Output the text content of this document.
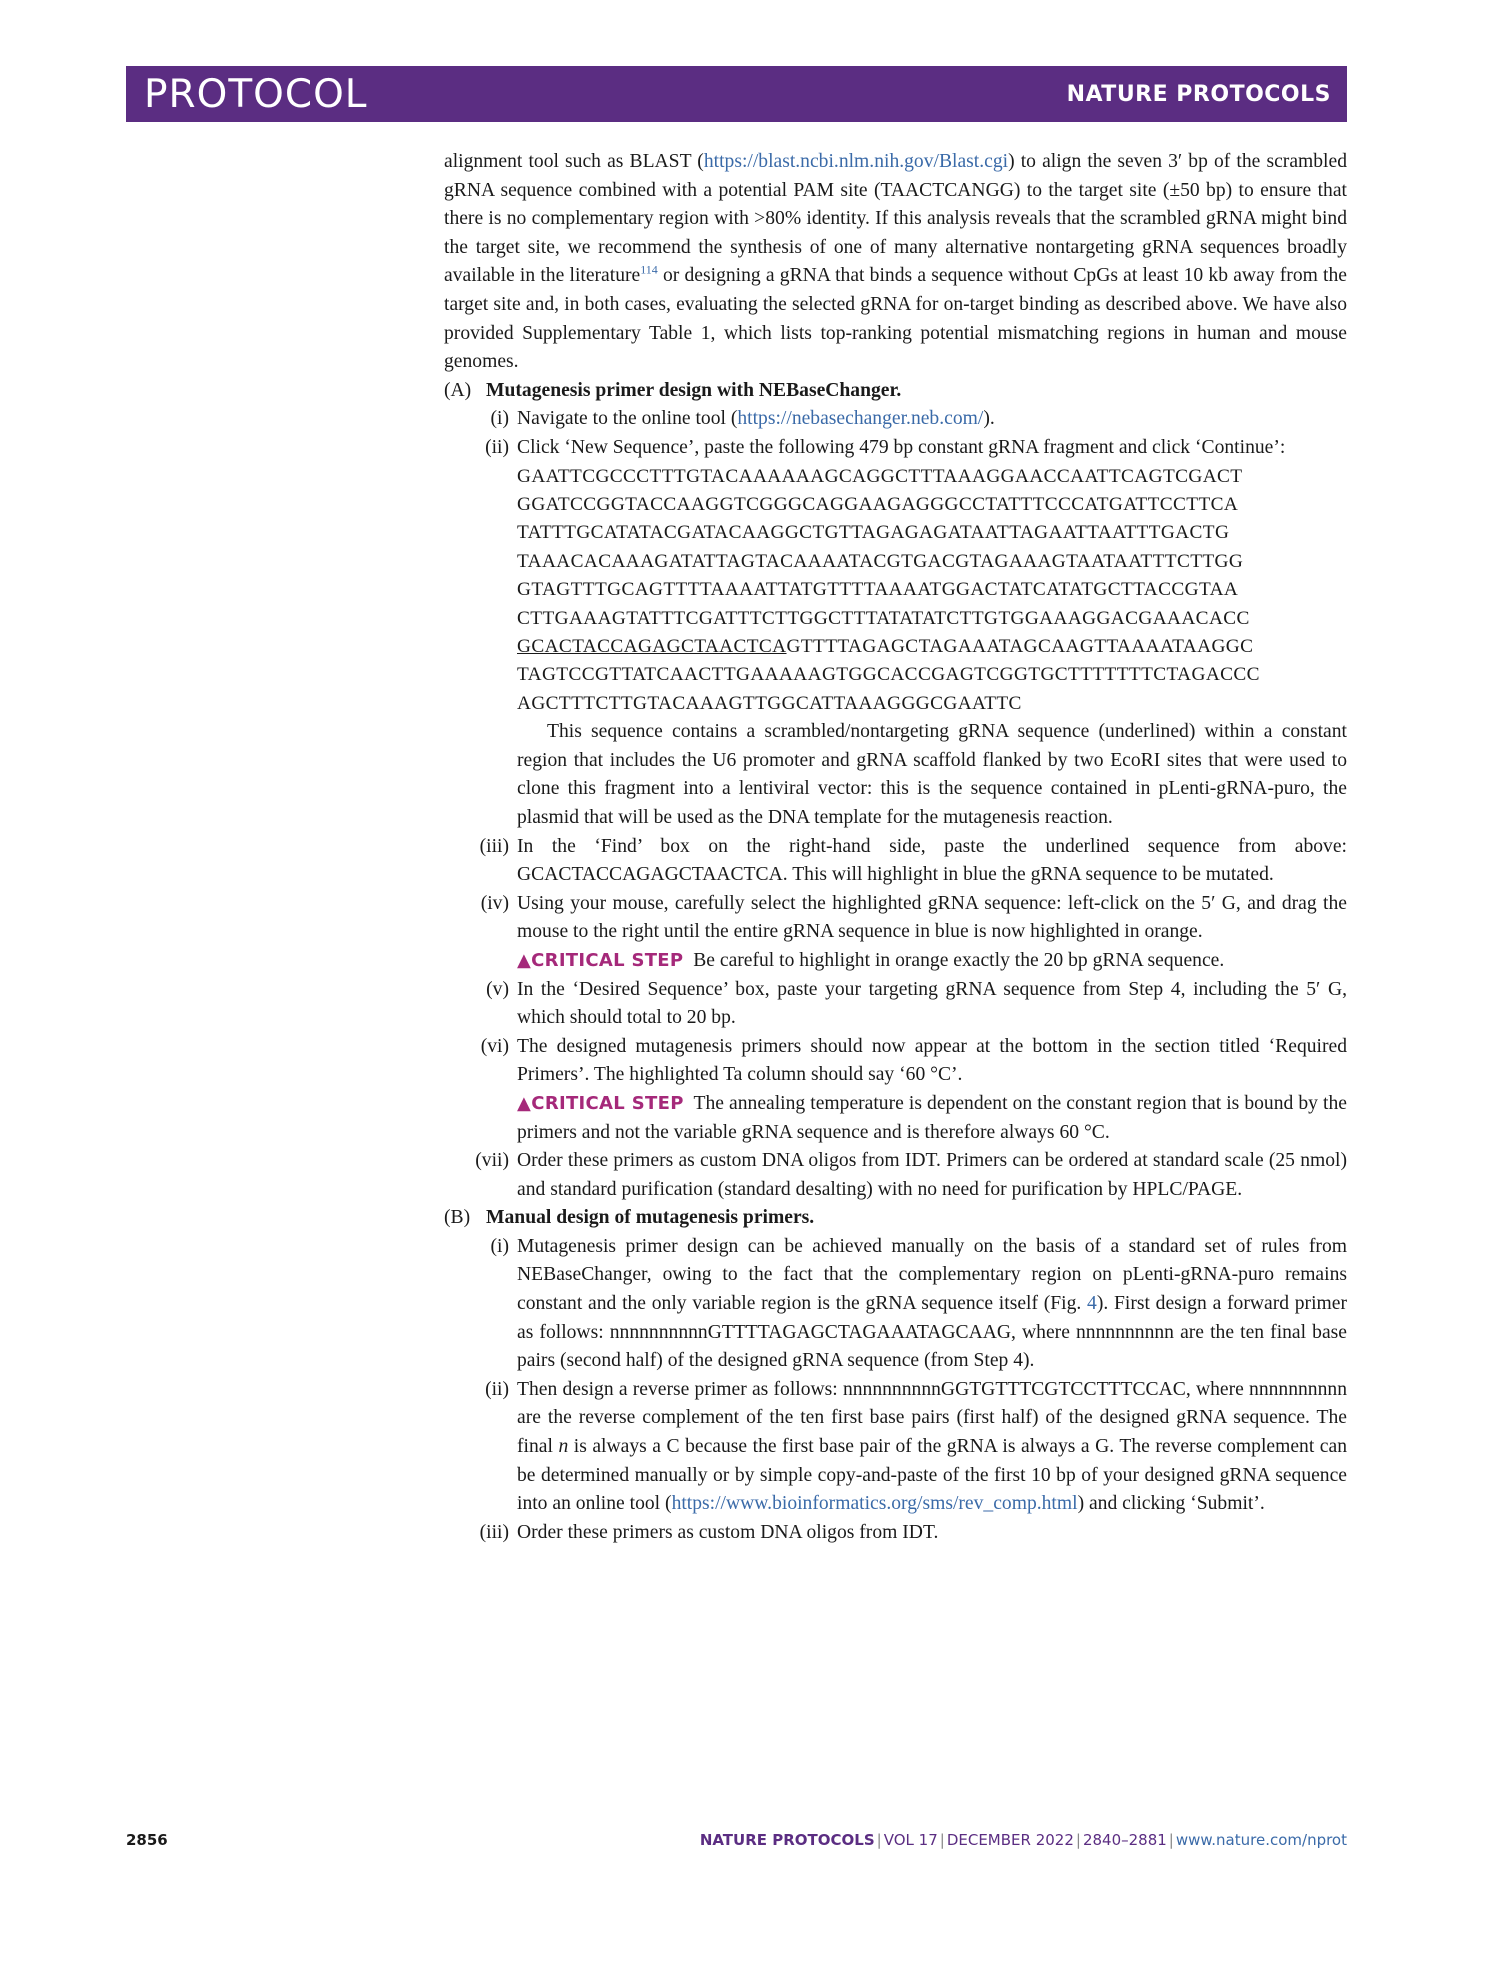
PROTOCOL	NATURE PROTOCOLS

alignment tool such as BLAST (https://blast.ncbi.nlm.nih.gov/Blast.cgi) to align the seven 3′ bp of the scrambled gRNA sequence combined with a potential PAM site (TAACTCANGG) to the target site (±50 bp) to ensure that there is no complementary region with >80% identity. If this analysis reveals that the scrambled gRNA might bind the target site, we recommend the synthesis of one of many alternative nontargeting gRNA sequences broadly available in the literature$^{114}$ or designing a gRNA that binds a sequence without CpGs at least 10 kb away from the target site and, in both cases, evaluating the selected gRNA for on-target binding as described above. We have also provided Supplementary Table 1, which lists top-ranking potential mismatching regions in human and mouse genomes.

(A) Mutagenesis primer design with NEBaseChanger.
(i) Navigate to the online tool (https://nebasechanger.neb.com/).

(ii) Click ‘New Sequence’, paste the following 479 bp constant gRNA fragment and click ‘Continue’:

GAATTCGCCCTTTGTACAAAAAAGCAGGCTTTAAAGGAACCAATTCAGTCGACT
GGATCCGGTACCAAGGTCGGGCAGGAAGAGGGCCTATTTCCCATGATTCCTTCA
TATTTGCATATACGATACAAGGCTGTTAGAGAGATAATTAGAATTAATTTGACTG
TAAACACAAAGATATTAGTACAAAATACGTGACGTAGAAAGTAATAATTTCTTGG
GTAGTTTGCAGTTTTAAAATTATGTTTTAAAATGGACTATCATATGCTTACCGTAA
CTTGAAAGTATTTCGATTTCTTGGCTTTATATATCTTGTGGAAAGGACGAAACACC
GCACTACCAGAGCTAACTCAGTTTTAGAGCTAGAAATAGCAAGTTAAAATAAGGC
TAGTCCGTTATCAACTTGAAAAAGTGGCACCGAGTCGGTGCTTTTTTTCTAGACCC
AGCTTTCTTGTACAAAGTTGGCATTAAAGGGCGAATTC

This sequence contains a scrambled/nontargeting gRNA sequence (underlined) within a constant region that includes the U6 promoter and gRNA scaffold flanked by two EcoRI sites that were used to clone this fragment into a lentiviral vector: this is the sequence contained in pLenti-gRNA-puro, the plasmid that will be used as the DNA template for the mutagenesis reaction.

(iii) In the ‘Find’ box on the right-hand side, paste the underlined sequence from above: GCACTACCAGAGCTAACTCA. This will highlight in blue the gRNA sequence to be mutated.

(iv) Using your mouse, carefully select the highlighted gRNA sequence: left-click on the 5′ G, and drag the mouse to the right until the entire gRNA sequence in blue is now highlighted in orange.

▲CRITICAL STEP Be careful to highlight in orange exactly the 20 bp gRNA sequence.

(v) In the ‘Desired Sequence’ box, paste your targeting gRNA sequence from Step 4, including the 5′ G, which should total to 20 bp.

(vi) The designed mutagenesis primers should now appear at the bottom in the section titled ‘Required Primers’. The highlighted Ta column should say ‘60 °C’.

▲CRITICAL STEP The annealing temperature is dependent on the constant region that is bound by the primers and not the variable gRNA sequence and is therefore always 60 °C.

(vii) Order these primers as custom DNA oligos from IDT. Primers can be ordered at standard scale (25 nmol) and standard purification (standard desalting) with no need for purification by HPLC/PAGE.

(B) Manual design of mutagenesis primers.
(i) Mutagenesis primer design can be achieved manually on the basis of a standard set of rules from NEBaseChanger, owing to the fact that the complementary region on pLenti-gRNA-puro remains constant and the only variable region is the gRNA sequence itself (Fig. 4). First design a forward primer as follows: nnnnnnnnnnGTTTTAGAGCTAGAAATAGCAAG, where nnnnnnnnnn are the ten final base pairs (second half) of the designed gRNA sequence (from Step 4).

(ii) Then design a reverse primer as follows: nnnnnnnnnnGGTGTTTCGTCCTTTCCAC, where nnnnnnnnnn are the reverse complement of the ten first base pairs (first half) of the designed gRNA sequence. The final n is always a C because the first base pair of the gRNA is always a G. The reverse complement can be determined manually or by simple copy-and-paste of the first 10 bp of your designed gRNA sequence into an online tool (https://www.bioinformatics.org/sms/rev_comp.html) and clicking ‘Submit’.

(iii) Order these primers as custom DNA oligos from IDT.

2856	NATURE PROTOCOLS | VOL 17 | DECEMBER 2022 | 2840–2881 | www.nature.com/nprot
